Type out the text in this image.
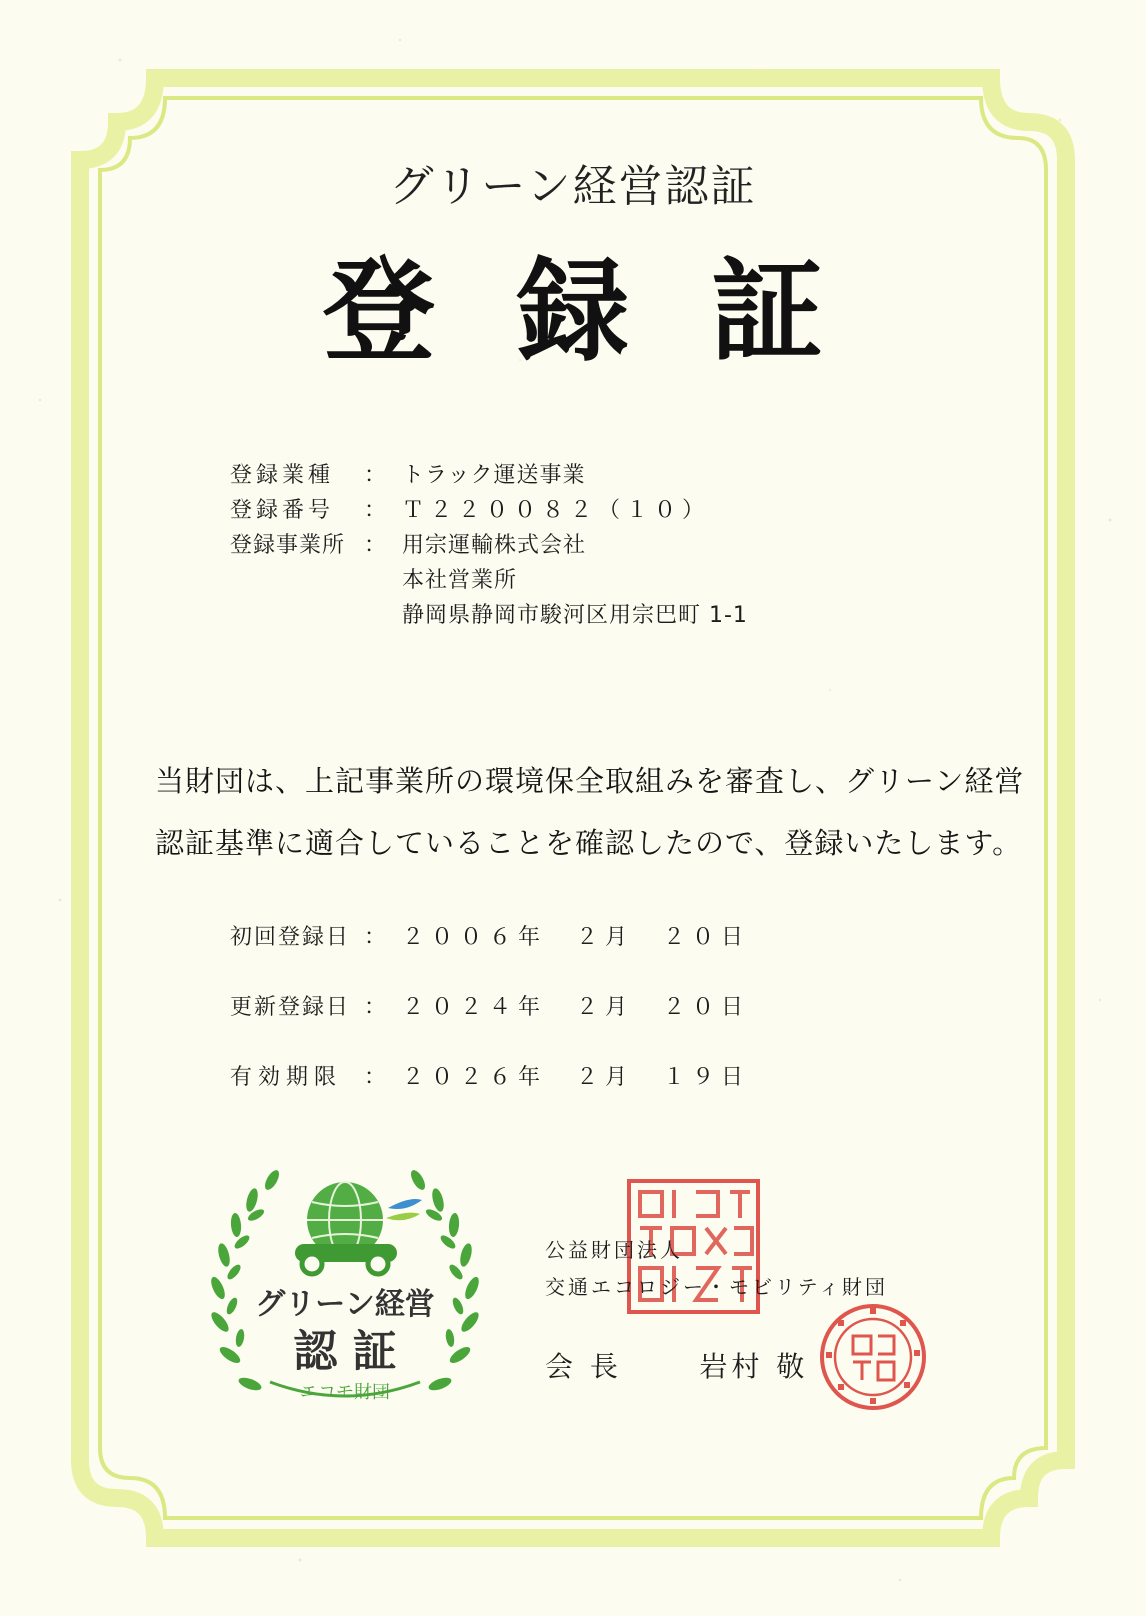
グリーン経営認証
登録証
登録業種	： トラック運送事業
登録番号	： Ｔ２２００８２（１０）
登録事業所 ： 用宗運輸株式会社
本社営業所
静岡県静岡市駿河区用宗巴町 1-1
当財団は、上記事業所の環境保全取組みを審査し、グリーン経営
認証基準に適合していることを確認したので、登録いたします。
初回登録日 ： ２００６年　２月　２０日
更新登録日 ： ２０２４年　２月　２０日
有効期限 ： ２０２６年　２月　１９日
グリーン経営
認 証
エコモ財団
公益財団法人
交通エコロジー・モビリティ財団
会 長	岩村 敬
